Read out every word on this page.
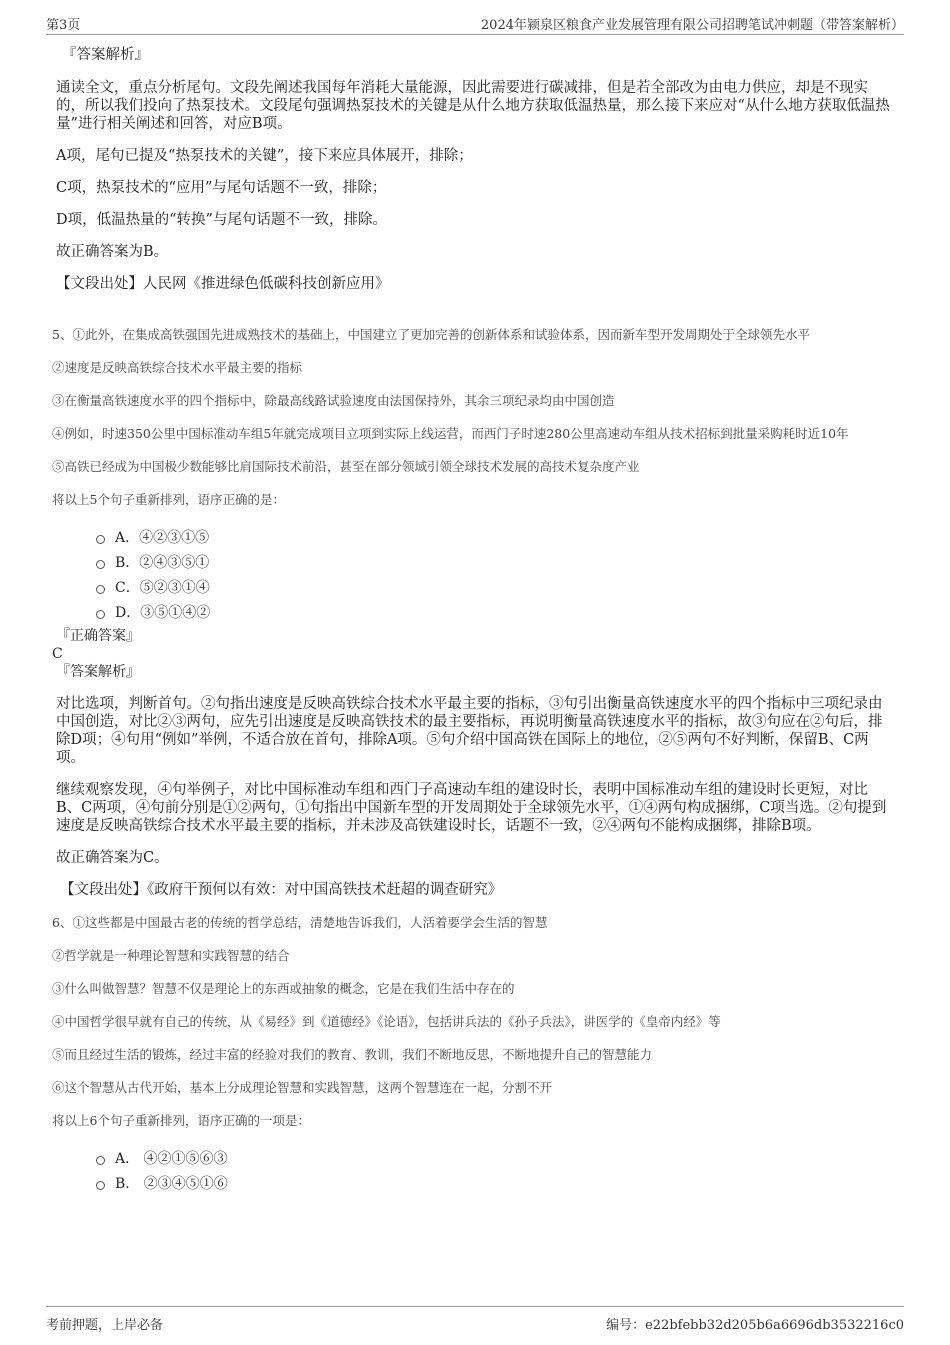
第3页	2024年颍泉区粮食产业发展管理有限公司招聘笔试冲刺题（带答案解析）
『答案解析』
通读全文，重点分析尾句。文段先阐述我国每年消耗大量能源，因此需要进行碳减排，但是若全部改为由电力供应，却是不现实的，所以我们投向了热泵技术。文段尾句强调热泵技术的关键是从什么地方获取低温热量，那么接下来应对“从什么地方获取低温热量”进行相关阐述和回答，对应B项。
A项，尾句已提及“热泵技术的关键”，接下来应具体展开，排除；
C项，热泵技术的“应用”与尾句话题不一致，排除；
D项，低温热量的“转换”与尾句话题不一致，排除。
故正确答案为B。
【文段出处】人民网《推进绿色低碳科技创新应用》
5、①此外，在集成高铁强国先进成熟技术的基础上，中国建立了更加完善的创新体系和试验体系，因而新车型开发周期处于全球领先水平
②速度是反映高铁综合技术水平最主要的指标
③在衡量高铁速度水平的四个指标中，除最高线路试验速度由法国保持外，其余三项纪录均由中国创造
④例如，时速350公里中国标准动车组5年就完成项目立项到实际上线运营，而西门子时速280公里高速动车组从技术招标到批量采购耗时近10年
⑤高铁已经成为中国极少数能够比肩国际技术前沿，甚至在部分领域引领全球技术发展的高技术复杂度产业
将以上5个句子重新排列，语序正确的是：
A．④②③①⑤
B．②④③⑤①
C．⑤②③①④
D．③⑤①④②
『正确答案』
C
『答案解析』
对比选项，判断首句。②句指出速度是反映高铁综合技术水平最主要的指标，③句引出衡量高铁速度水平的四个指标中三项纪录由中国创造，对比②③两句，应先引出速度是反映高铁技术的最主要指标，再说明衡量高铁速度水平的指标，故③句应在②句后，排除D项；④句用“例如”举例，不适合放在首句，排除A项。⑤句介绍中国高铁在国际上的地位，②⑤两句不好判断，保留B、C两项。
继续观察发现，④句举例子，对比中国标准动车组和西门子高速动车组的建设时长，表明中国标准动车组的建设时长更短，对比B、C两项，④句前分别是①②两句，①句指出中国新车型的开发周期处于全球领先水平，①④两句构成捆绑，C项当选。②句提到速度是反映高铁综合技术水平最主要的指标，并未涉及高铁建设时长，话题不一致，②④两句不能构成捆绑，排除B项。
故正确答案为C。
【文段出处】《政府干预何以有效：对中国高铁技术赶超的调查研究》
6、①这些都是中国最古老的传统的哲学总结，清楚地告诉我们，人活着要学会生活的智慧
②哲学就是一种理论智慧和实践智慧的结合
③什么叫做智慧？智慧不仅是理论上的东西或抽象的概念，它是在我们生活中存在的
④中国哲学很早就有自己的传统，从《易经》到《道德经》《论语》，包括讲兵法的《孙子兵法》，讲医学的《皇帝内经》等
⑤而且经过生活的锻炼，经过丰富的经验对我们的教育、教训，我们不断地反思，不断地提升自己的智慧能力
⑥这个智慧从古代开始，基本上分成理论智慧和实践智慧，这两个智慧连在一起，分割不开
将以上6个句子重新排列，语序正确的一项是：
A． ④②①⑤⑥③
B． ②③④⑤①⑥
考前押题，上岸必备	编号：e22bfebb32d205b6a6696db3532216c0
